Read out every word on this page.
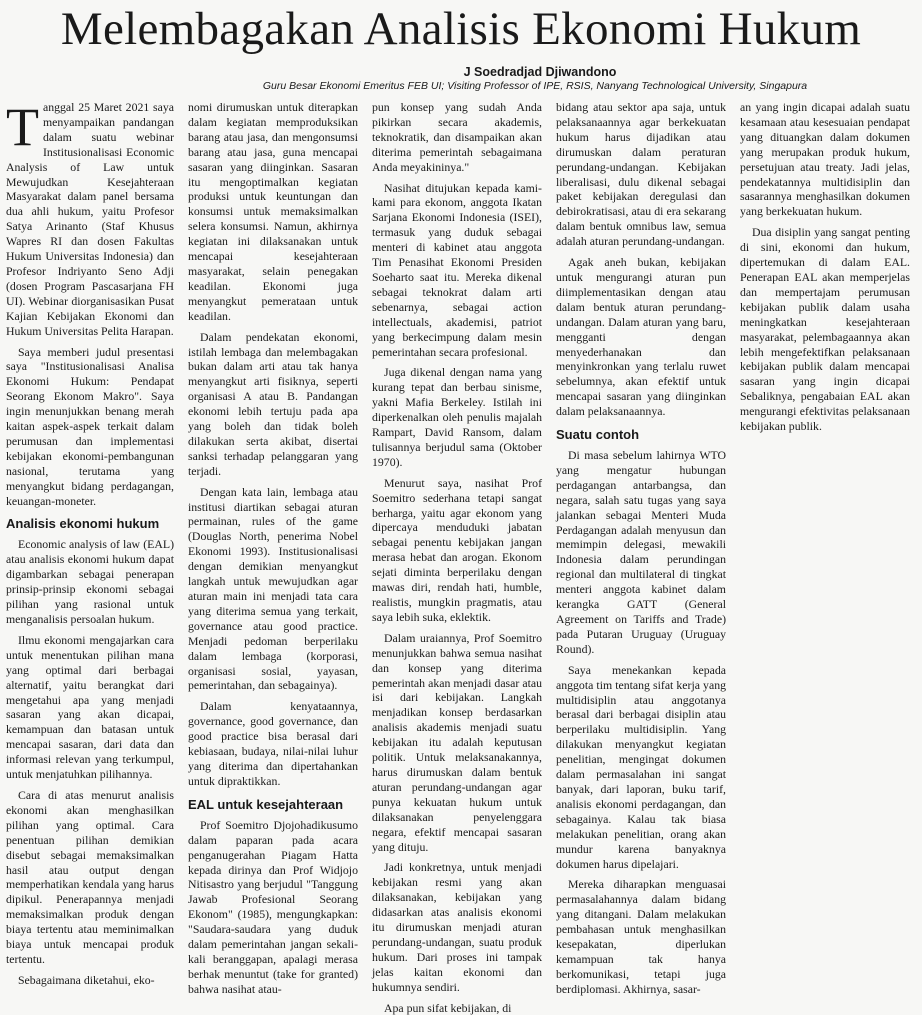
Melembagakan Analisis Ekonomi Hukum
J Soedradjad Djiwandono
Guru Besar Ekonomi Emeritus FEB UI; Visiting Professor of IPE, RSIS, Nanyang Technological University, Singapura
T anggal 25 Maret 2021 saya menyampaikan pandangan dalam suatu webinar Institusionalisasi Economic Analysis of Law untuk Mewujudkan Kesejahteraan Masyarakat dalam panel bersama dua ahli hukum, yaitu Profesor Satya Arinanto (Staf Khusus Wapres RI dan dosen Fakultas Hukum Universitas Indonesia) dan Profesor Indriyanto Seno Adji (dosen Program Pascasarjana FH UI). Webinar diorganisasikan Pusat Kajian Kebijakan Ekonomi dan Hukum Universitas Pelita Harapan.

Saya memberi judul presentasi saya "Institusionalisasi Analisa Ekonomi Hukum: Pendapat Seorang Ekonom Makro". Saya ingin menunjukkan benang merah kaitan aspek-aspek terkait dalam perumusan dan implementasi kebijakan ekonomi-pembangunan nasional, terutama yang menyangkut bidang perdagangan, keuangan-moneter.

Analisis ekonomi hukum

Economic analysis of law (EAL) atau analisis ekonomi hukum dapat digambarkan sebagai penerapan prinsip-prinsip ekonomi sebagai pilihan yang rasional untuk menganalisis persoalan hukum.

Ilmu ekonomi mengajarkan cara untuk menentukan pilihan mana yang optimal dari berbagai alternatif, yaitu berangkat dari mengetahui apa yang menjadi sasaran yang akan dicapai, kemampuan dan batasan untuk mencapai sasaran, dari data dan informasi relevan yang terkumpul, untuk menjatuhkan pilihannya.

Cara di atas menurut analisis ekonomi akan menghasilkan pilihan yang optimal. Cara penentuan pilihan demikian disebut sebagai memaksimalkan hasil atau output dengan memperhatikan kendala yang harus dipikul. Penerapannya menjadi memaksimalkan produk dengan biaya tertentu atau meminimalkan biaya untuk mencapai produk tertentu.

Sebagaimana diketahui, eko-

nomi dirumuskan untuk diterapkan dalam kegiatan memproduksikan barang atau jasa, dan mengonsumsi barang atau jasa, guna mencapai sasaran yang diinginkan. Sasaran itu mengoptimalkan kegiatan produksi untuk keuntungan dan konsumsi untuk memaksimalkan selera konsumsi. Namun, akhirnya kegiatan ini dilaksanakan untuk mencapai kesejahteraan masyarakat, selain penegakan keadilan. Ekonomi juga menyangkut pemerataan untuk keadilan.

Dalam pendekatan ekonomi, istilah lembaga dan melembagakan bukan dalam arti atau tak hanya menyangkut arti fisiknya, seperti organisasi A atau B. Pandangan ekonomi lebih tertuju pada apa yang boleh dan tidak boleh dilakukan serta akibat, disertai sanksi terhadap pelanggaran yang terjadi.

Dengan kata lain, lembaga atau institusi diartikan sebagai aturan permainan, rules of the game (Douglas North, penerima Nobel Ekonomi 1993). Institusionalisasi dengan demikian menyangkut langkah untuk mewujudkan agar aturan main ini menjadi tata cara yang diterima semua yang terkait, governance atau good practice. Menjadi pedoman berperilaku dalam lembaga (korporasi, organisasi sosial, yayasan, pemerintahan, dan sebagainya).

Dalam kenyataannya, governance, good governance, dan good practice bisa berasal dari kebiasaan, budaya, nilai-nilai luhur yang diterima dan dipertahankan untuk dipraktikkan.

EAL untuk kesejahteraan

Prof Soemitro Djojohadikusumo dalam paparan pada acara penganugerahan Piagam Hatta kepada dirinya dan Prof Widjojo Nitisastro yang berjudul "Tanggung Jawab Profesional Seorang Ekonom" (1985), mengungkapkan: "Saudara-saudara yang duduk dalam pemerintahan jangan sekali-kali beranggapan, apalagi merasa berhak menuntut (take for granted) bahwa nasihat atau-

pun konsep yang sudah Anda pikirkan secara akademis, teknokratik, dan disampaikan akan diterima pemerintah sebagaimana Anda meyakininya."

Nasihat ditujukan kepada kami-kami para ekonom, anggota Ikatan Sarjana Ekonomi Indonesia (ISEI), termasuk yang duduk sebagai menteri di kabinet atau anggota Tim Penasihat Ekonomi Presiden Soeharto saat itu. Mereka dikenal sebagai teknokrat dalam arti sebenarnya, sebagai action intellectuals, akademisi, patriot yang berkecimpung dalam mesin pemerintahan secara profesional.

Juga dikenal dengan nama yang kurang tepat dan berbau sinisme, yakni Mafia Berkeley. Istilah ini diperkenalkan oleh penulis majalah Rampart, David Ransom, dalam tulisannya berjudul sama (Oktober 1970).

Menurut saya, nasihat Prof Soemitro sederhana tetapi sangat berharga, yaitu agar ekonom yang dipercaya menduduki jabatan sebagai penentu kebijakan jangan merasa hebat dan arogan. Ekonom sejati diminta berperilaku dengan mawas diri, rendah hati, humble, realistis, mungkin pragmatis, atau saya lebih suka, eklektik.

Dalam uraiannya, Prof Soemitro menunjukkan bahwa semua nasihat dan konsep yang diterima pemerintah akan menjadi dasar atau isi dari kebijakan. Langkah menjadikan konsep berdasarkan analisis akademis menjadi suatu kebijakan itu adalah keputusan politik. Untuk melaksanakannya, harus dirumuskan dalam bentuk aturan perundang-undangan agar punya kekuatan hukum untuk dilaksanakan penyelenggara negara, efektif mencapai sasaran yang dituju.

Jadi konkretnya, untuk menjadi kebijakan resmi yang akan dilaksanakan, kebijakan yang didasarkan atas analisis ekonomi itu dirumuskan menjadi aturan perundang-undangan, suatu produk hukum. Dari proses ini tampak jelas kaitan ekonomi dan hukumnya sendiri.

Apa pun sifat kebijakan, di

bidang atau sektor apa saja, untuk pelaksanaannya agar berkekuatan hukum harus dijadikan atau dirumuskan dalam peraturan perundang-undangan. Kebijakan liberalisasi, dulu dikenal sebagai paket kebijakan deregulasi dan debirokratisasi, atau di era sekarang dalam bentuk omnibus law, semua adalah aturan perundang-undangan.

Agak aneh bukan, kebijakan untuk mengurangi aturan pun diimplementasikan dengan atau dalam bentuk aturan perundang-undangan. Dalam aturan yang baru, mengganti dengan menyederhanakan dan menyinkronkan yang terlalu ruwet sebelumnya, akan efektif untuk mencapai sasaran yang diinginkan dalam pelaksanaannya.

Suatu contoh

Di masa sebelum lahirnya WTO yang mengatur hubungan perdagangan antarbangsa, dan negara, salah satu tugas yang saya jalankan sebagai Menteri Muda Perdagangan adalah menyusun dan memimpin delegasi, mewakili Indonesia dalam perundingan regional dan multilateral di tingkat menteri anggota kabinet dalam kerangka GATT (General Agreement on Tariffs and Trade) pada Putaran Uruguay (Uruguay Round).

Saya menekankan kepada anggota tim tentang sifat kerja yang multidisiplin atau anggotanya berasal dari berbagai disiplin atau berperilaku multidisiplin. Yang dilakukan menyangkut kegiatan penelitian, mengingat dokumen dalam permasalahan ini sangat banyak, dari laporan, buku tarif, analisis ekonomi perdagangan, dan sebagainya. Kalau tak biasa melakukan penelitian, orang akan mundur karena banyaknya dokumen harus dipelajari.

Mereka diharapkan menguasai permasalahannya dalam bidang yang ditangani. Dalam melakukan pembahasan untuk menghasilkan kesepakatan, diperlukan kemampuan tak hanya berkomunikasi, tetapi juga berdiplomasi. Akhirnya, sasar-

an yang ingin dicapai adalah suatu kesamaan atau kesesuaian pendapat yang dituangkan dalam dokumen yang merupakan produk hukum, persetujuan atau treaty. Jadi jelas, pendekatannya multidisiplin dan sasarannya menghasilkan dokumen yang berkekuatan hukum.

Dua disiplin yang sangat penting di sini, ekonomi dan hukum, dipertemukan di dalam EAL. Penerapan EAL akan memperjelas dan mempertajam perumusan kebijakan publik dalam usaha meningkatkan kesejahteraan masyarakat, pelembagaannya akan lebih mengefektifkan pelaksanaan kebijakan publik dalam mencapai sasaran yang ingin dicapai Sebaliknya, pengabaian EAL akan mengurangi efektivitas pelaksanaan kebijakan publik.
